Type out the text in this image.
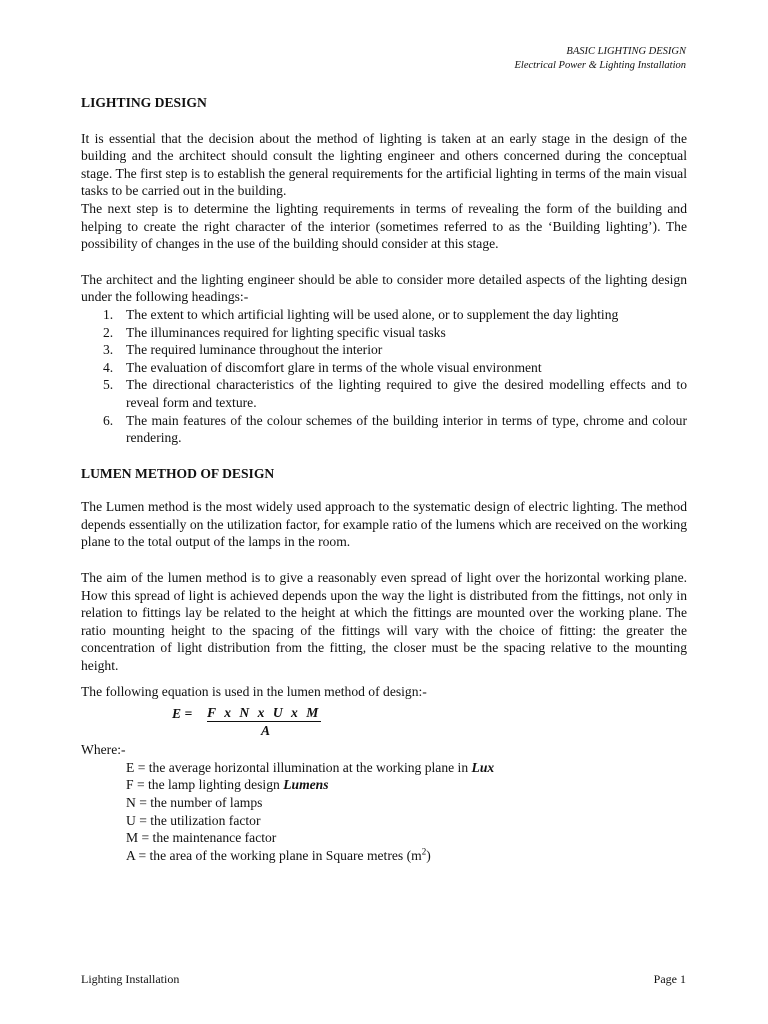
BASIC LIGHTING DESIGN
Electrical Power & Lighting Installation
LIGHTING DESIGN

It is essential that the decision about the method of lighting is taken at an early stage in the design of the building and the architect should consult the lighting engineer and others concerned during the conceptual stage. The first step is to establish the general requirements for the artificial lighting in terms of the main visual tasks to be carried out in the building.

The next step is to determine the lighting requirements in terms of revealing the form of the building and helping to create the right character of the interior (sometimes referred to as the ‘Building lighting’). The possibility of changes in the use of the building should consider at this stage.

The architect and the lighting engineer should be able to consider more detailed aspects of the lighting design under the following headings:-

1. The extent to which artificial lighting will be used alone, or to supplement the day lighting
2. The illuminances required for lighting specific visual tasks
3. The required luminance throughout the interior
4. The evaluation of discomfort glare in terms of the whole visual environment
5. The directional characteristics of the lighting required to give the desired modelling effects and to reveal form and texture.
6. The main features of the colour schemes of the building interior in terms of type, chrome and colour rendering.
LUMEN METHOD OF DESIGN

The Lumen method is the most widely used approach to the systematic design of electric lighting. The method depends essentially on the utilization factor, for example ratio of the lumens which are received on the working plane to the total output of the lamps in the room.

The aim of the lumen method is to give a reasonably even spread of light over the horizontal working plane. How this spread of light is achieved depends upon the way the light is distributed from the fittings, not only in relation to fittings lay be related to the height at which the fittings are mounted over the working plane. The ratio mounting height to the spacing of the fittings will vary with the choice of fitting: the greater the concentration of light distribution from the fitting, the closer must be the spacing relative to the mounting height.

The following equation is used in the lumen method of design:-

E = F x N x U x M
A
Where:-
E = the average horizontal illumination at the working plane in Lux
F = the lamp lighting design Lumens
N = the number of lamps
U = the utilization factor
M = the maintenance factor
A = the area of the working plane in Square metres $(m^2)$
Lighting Installation	Page 1
